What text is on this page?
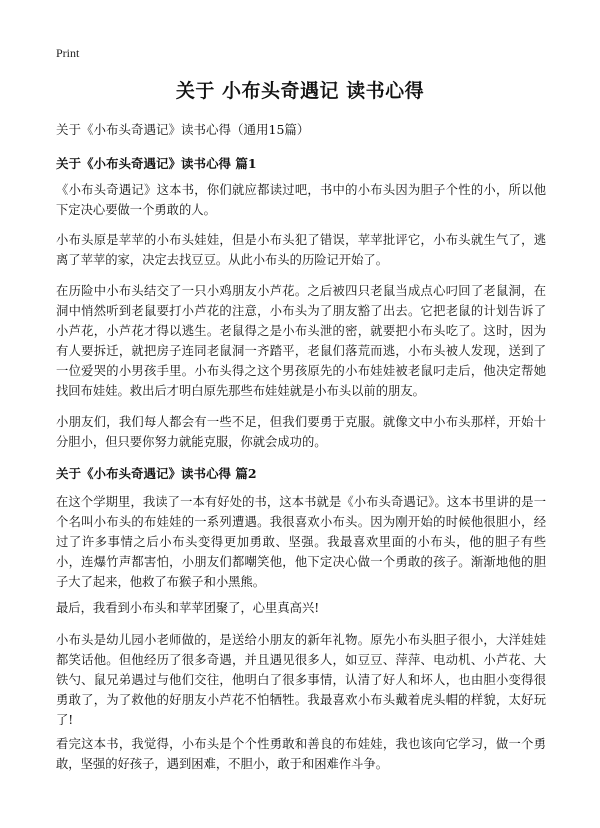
Print
关于 小布头奇遇记 读书心得

关于《小布头奇遇记》读书心得（通用15篇）

关于《小布头奇遇记》读书心得 篇1

《小布头奇遇记》这本书，你们就应都读过吧，书中的小布头因为胆子个性的小，所以他下定决心要做一个勇敢的人。

小布头原是苹苹的小布头娃娃，但是小布头犯了错误，苹苹批评它，小布头就生气了，逃离了苹苹的家，决定去找豆豆。从此小布头的历险记开始了。

在历险中小布头结交了一只小鸡朋友小芦花。之后被四只老鼠当成点心叼回了老鼠洞，在洞中悄然听到老鼠要打小芦花的注意，小布头为了朋友豁了出去。它把老鼠的计划告诉了小芦花，小芦花才得以逃生。老鼠得之是小布头泄的密，就要把小布头吃了。这时，因为有人要拆迁，就把房子连同老鼠洞一齐踏平，老鼠们落荒而逃，小布头被人发现，送到了一位爱哭的小男孩手里。小布头得之这个男孩原先的小布娃娃被老鼠叼走后，他决定帮她找回布娃娃。救出后才明白原先那些布娃娃就是小布头以前的朋友。

小朋友们，我们每人都会有一些不足，但我们要勇于克服。就像文中小布头那样，开始十分胆小，但只要你努力就能克服，你就会成功的。

关于《小布头奇遇记》读书心得 篇2

在这个学期里，我读了一本有好处的书，这本书就是《小布头奇遇记》。这本书里讲的是一个名叫小布头的布娃娃的一系列遭遇。我很喜欢小布头。因为刚开始的时候他很胆小，经过了许多事情之后小布头变得更加勇敢、坚强。我最喜欢里面的小布头，他的胆子有些小，连爆竹声都害怕，小朋友们都嘲笑他，他下定决心做一个勇敢的孩子。渐渐地他的胆子大了起来，他救了布猴子和小黑熊。

最后，我看到小布头和苹苹团聚了，心里真高兴!

小布头是幼儿园小老师做的，是送给小朋友的新年礼物。原先小布头胆子很小，大洋娃娃都笑话他。但他经历了很多奇遇，并且遇见很多人，如豆豆、萍萍、电动机、小芦花、大铁勺、鼠兄弟遇过与他们交往，他明白了很多事情，认清了好人和坏人，也由胆小变得很勇敢了，为了救他的好朋友小芦花不怕牺牲。我最喜欢小布头戴着虎头帽的样貌，太好玩了!

看完这本书，我觉得，小布头是个个性勇敢和善良的布娃娃，我也该向它学习，做一个勇敢，坚强的好孩子，遇到困难，不胆小，敢于和困难作斗争。
